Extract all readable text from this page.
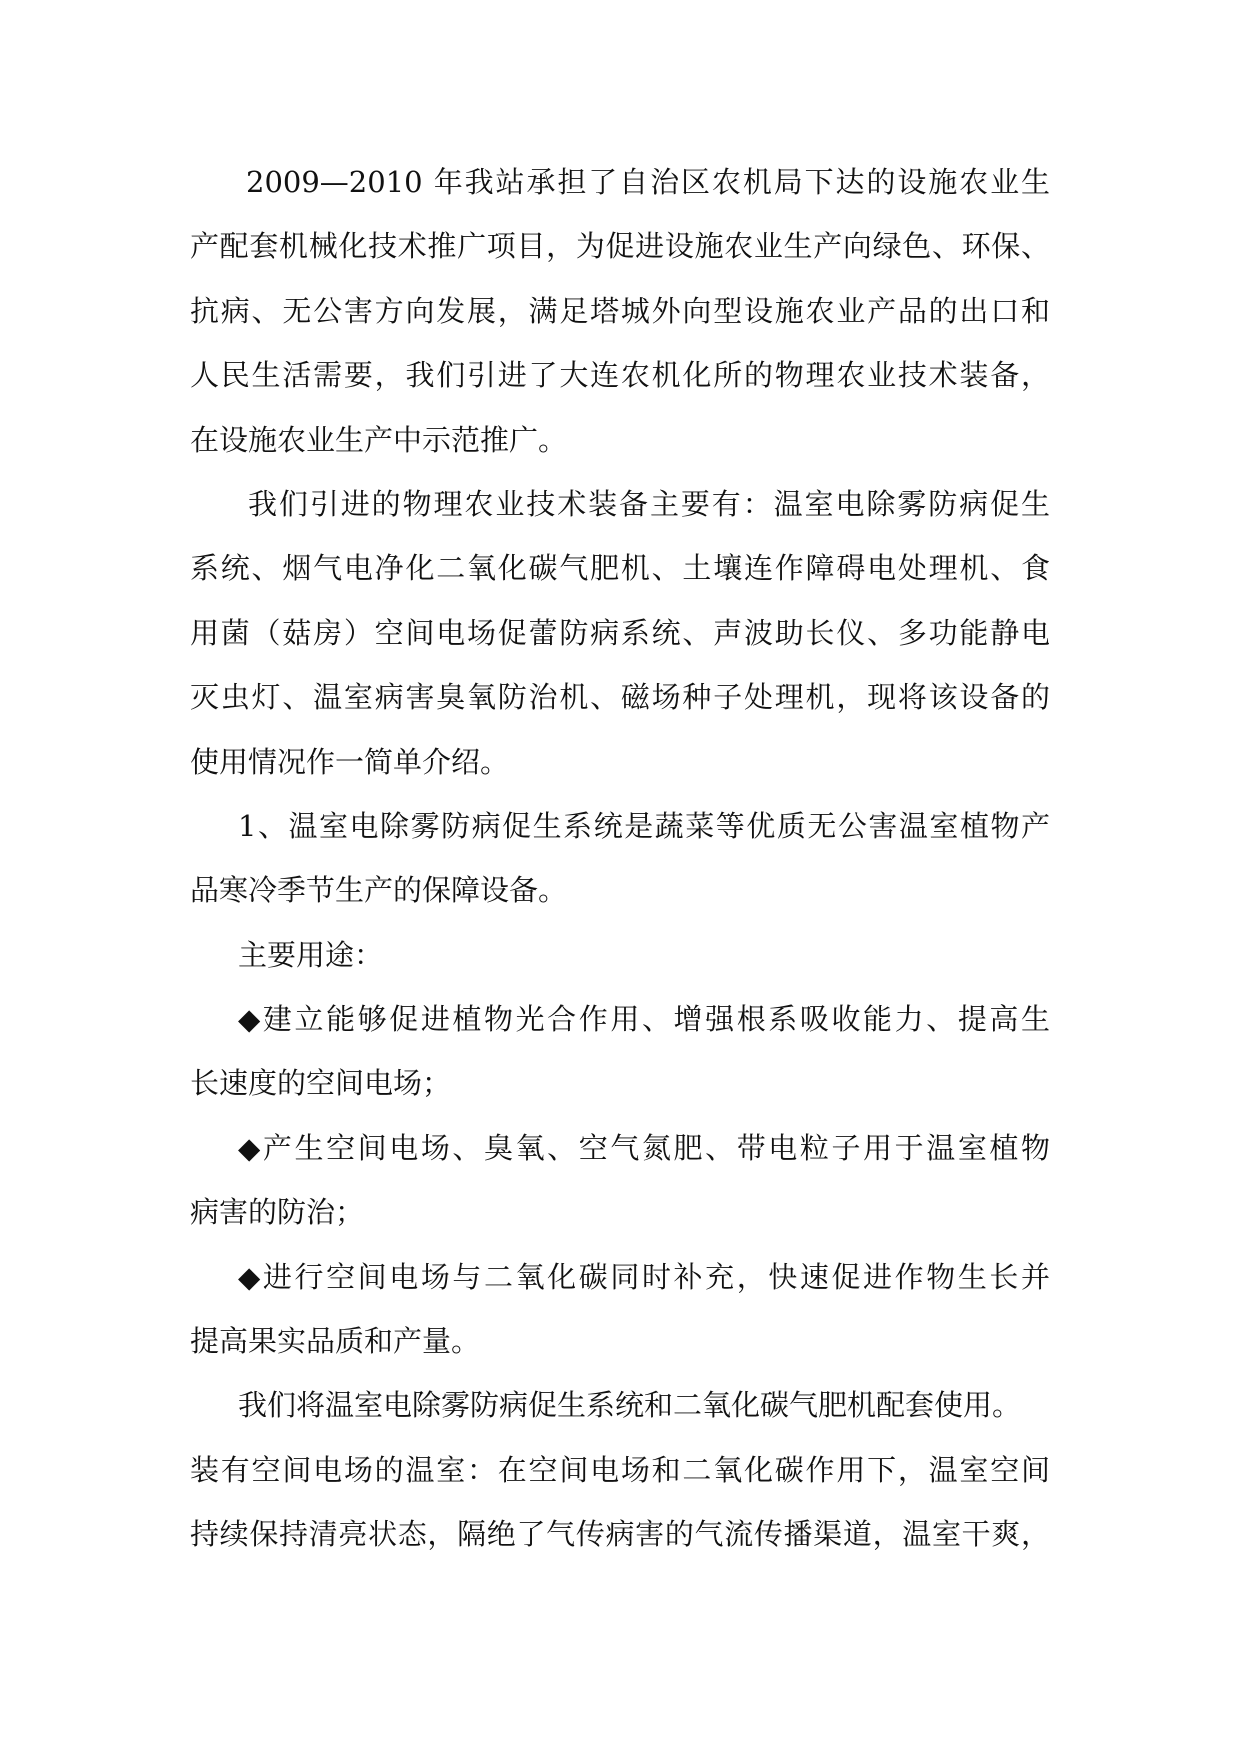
2009—2010 年我站承担了自治区农机局下达的设施农业生
产配套机械化技术推广项目，为促进设施农业生产向绿色、环保、
抗病、无公害方向发展，满足塔城外向型设施农业产品的出口和
人民生活需要，我们引进了大连农机化所的物理农业技术装备，
在设施农业生产中示范推广。
我们引进的物理农业技术装备主要有：温室电除雾防病促生
系统、烟气电净化二氧化碳气肥机、土壤连作障碍电处理机、食
用菌（菇房）空间电场促蕾防病系统、声波助长仪、多功能静电
灭虫灯、温室病害臭氧防治机、磁场种子处理机，现将该设备的
使用情况作一简单介绍。
1、温室电除雾防病促生系统是蔬菜等优质无公害温室植物产
品寒冷季节生产的保障设备。
主要用途：
◆建立能够促进植物光合作用、增强根系吸收能力、提高生
长速度的空间电场；
◆产生空间电场、臭氧、空气氮肥、带电粒子用于温室植物
病害的防治；
◆进行空间电场与二氧化碳同时补充，快速促进作物生长并
提高果实品质和产量。
我们将温室电除雾防病促生系统和二氧化碳气肥机配套使用。
装有空间电场的温室：在空间电场和二氧化碳作用下，温室空间
持续保持清亮状态，隔绝了气传病害的气流传播渠道，温室干爽，
